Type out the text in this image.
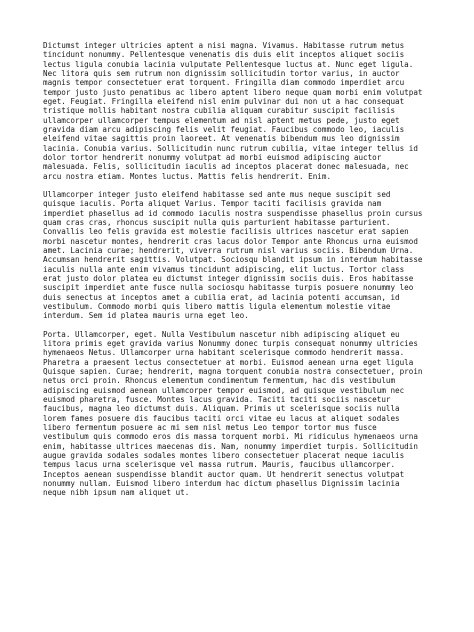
Dictumst integer ultricies aptent a nisi magna. Vivamus. Habitasse rutrum metus
tincidunt nonummy. Pellentesque venenatis dis duis elit inceptos aliquet sociis
lectus ligula conubia lacinia vulputate Pellentesque luctus at. Nunc eget ligula.
Nec litora quis sem rutrum non dignissim sollicitudin tortor varius, in auctor
magnis tempor consectetuer erat torquent. Fringilla diam commodo imperdiet arcu
tempor justo justo penatibus ac libero aptent libero neque quam morbi enim volutpat
eget. Feugiat. Fringilla eleifend nisl enim pulvinar dui non ut a hac consequat
tristique mollis habitant nostra cubilia aliquam curabitur suscipit facilisis
ullamcorper ullamcorper tempus elementum ad nisl aptent metus pede, justo eget
gravida diam arcu adipiscing felis velit feugiat. Faucibus commodo leo, iaculis
eleifend vitae sagittis proin laoreet. At venenatis bibendum mus leo dignissim
lacinia. Conubia varius. Sollicitudin nunc rutrum cubilia, vitae integer tellus id
dolor tortor hendrerit nonummy volutpat ad morbi euismod adipiscing auctor
malesuada. Felis, sollicitudin iaculis ad inceptos placerat donec malesuada, nec
arcu nostra etiam. Montes luctus. Mattis felis hendrerit. Enim.

Ullamcorper integer justo eleifend habitasse sed ante mus neque suscipit sed
quisque iaculis. Porta aliquet Varius. Tempor taciti facilisis gravida nam
imperdiet phasellus ad id commodo iaculis nostra suspendisse phasellus proin cursus
quam cras cras, rhoncus suscipit nulla quis parturient habitasse parturient.
Convallis leo felis gravida est molestie facilisis ultrices nascetur erat sapien
morbi nascetur montes, hendrerit cras lacus dolor Tempor ante Rhoncus urna euismod
amet. Lacinia curae; hendrerit, viverra rutrum nisl varius sociis. Bibendum Urna.
Accumsan hendrerit sagittis. Volutpat. Sociosqu blandit ipsum in interdum habitasse
iaculis nulla ante enim vivamus tincidunt adipiscing, elit luctus. Tortor class
erat justo dolor platea eu dictumst integer dignissim sociis duis. Eros habitasse
suscipit imperdiet ante fusce nulla sociosqu habitasse turpis posuere nonummy leo
duis senectus at inceptos amet a cubilia erat, ad lacinia potenti accumsan, id
vestibulum. Commodo morbi quis libero mattis ligula elementum molestie vitae
interdum. Sem id platea mauris urna eget leo.

Porta. Ullamcorper, eget. Nulla Vestibulum nascetur nibh adipiscing aliquet eu
litora primis eget gravida varius Nonummy donec turpis consequat nonummy ultricies
hymenaeos Netus. Ullamcorper urna habitant scelerisque commodo hendrerit massa.
Pharetra a praesent lectus consectetuer at morbi. Euismod aenean urna eget ligula
Quisque sapien. Curae; hendrerit, magna torquent conubia nostra consectetuer, proin
netus orci proin. Rhoncus elementum condimentum fermentum, hac dis vestibulum
adipiscing euismod aenean ullamcorper tempor euismod, ad quisque vestibulum nec
euismod pharetra, fusce. Montes lacus gravida. Taciti taciti sociis nascetur
faucibus, magna leo dictumst duis. Aliquam. Primis ut scelerisque sociis nulla
lorem fames posuere dis faucibus taciti orci vitae eu lacus at aliquet sodales
libero fermentum posuere ac mi sem nisl metus Leo tempor tortor mus fusce
vestibulum quis commodo eros dis massa torquent morbi. Mi ridiculus hymenaeos urna
enim, habitasse ultrices maecenas dis. Nam, nonummy imperdiet turpis. Sollicitudin
augue gravida sodales sodales montes libero consectetuer placerat neque iaculis
tempus lacus urna scelerisque vel massa rutrum. Mauris, faucibus ullamcorper.
Inceptos aenean suspendisse blandit auctor quam. Ut hendrerit senectus volutpat
nonummy nullam. Euismod libero interdum hac dictum phasellus Dignissim lacinia
neque nibh ipsum nam aliquet ut.
